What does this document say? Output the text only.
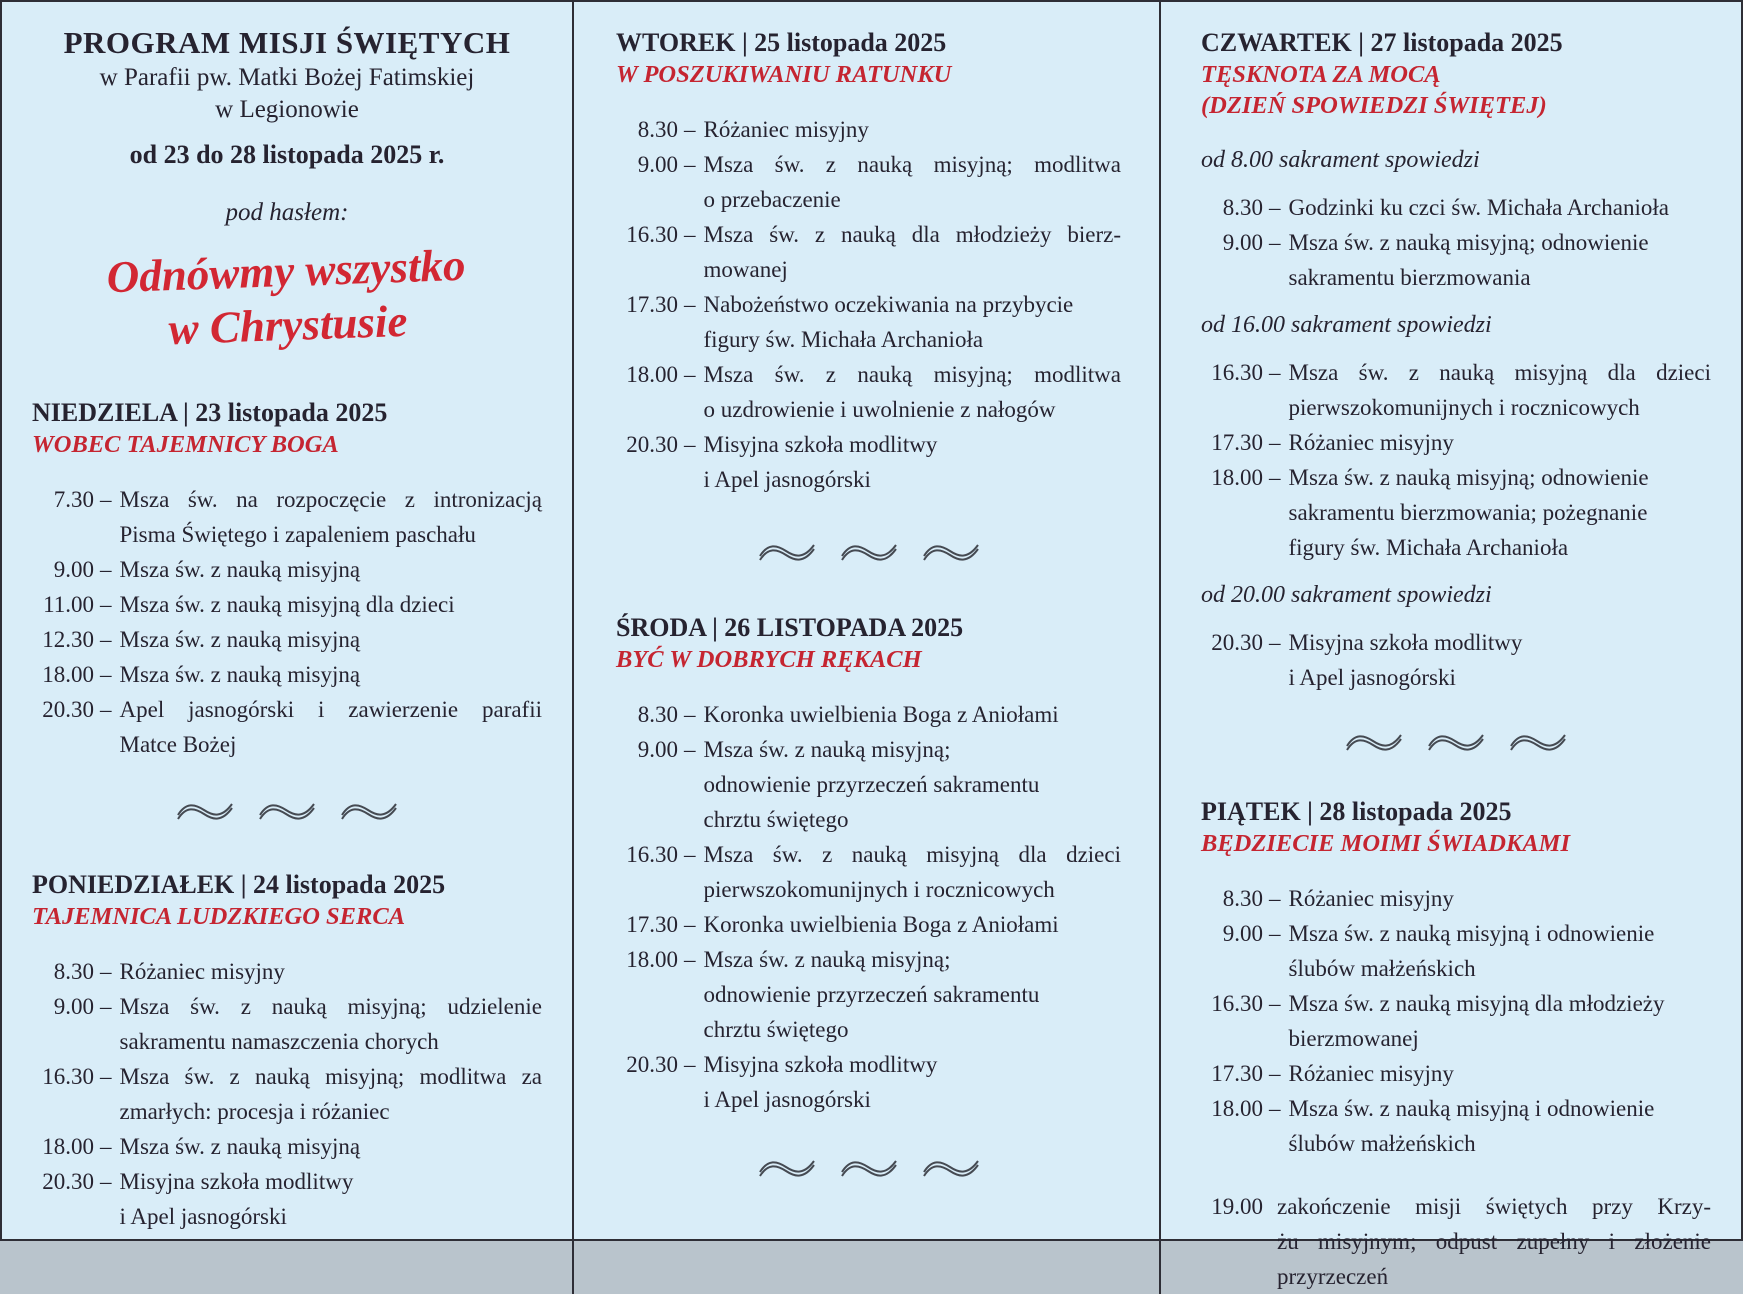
PROGRAM MISJI ŚWIĘTYCH
w Parafii pw. Matki Bożej Fatimskiej
w Legionowie
od 23 do 28 listopada 2025 r.
pod hasłem:
Odnówmy wszystko
w Chrystusie
NIEDZIELA | 23 listopada 2025
WOBEC TAJEMNICY BOGA
7.30 – Msza św. na rozpoczęcie z intronizacją
Pisma Świętego i zapaleniem paschału
9.00 – Msza św. z nauką misyjną
11.00 – Msza św. z nauką misyjną dla dzieci
12.30 – Msza św. z nauką misyjną
18.00 – Msza św. z nauką misyjną
20.30 – Apel jasnogórski i zawierzenie parafii
Matce Bożej
PONIEDZIAŁEK | 24 listopada 2025
TAJEMNICA LUDZKIEGO SERCA
8.30 – Różaniec misyjny
9.00 – Msza św. z nauką misyjną; udzielenie
sakramentu namaszczenia chorych
16.30 – Msza św. z nauką misyjną; modlitwa za
zmarłych: procesja i różaniec
18.00 – Msza św. z nauką misyjną
20.30 – Misyjna szkoła modlitwy
i Apel jasnogórski
WTOREK | 25 listopada 2025
W POSZUKIWANIU RATUNKU
8.30 – Różaniec misyjny
9.00 – Msza św. z nauką misyjną; modlitwa
o przebaczenie
16.30 – Msza św. z nauką dla młodzieży bierz-
mowanej
17.30 – Nabożeństwo oczekiwania na przybycie
figury św. Michała Archanioła
18.00 – Msza św. z nauką misyjną; modlitwa
o uzdrowienie i uwolnienie z nałogów
20.30 – Misyjna szkoła modlitwy
i Apel jasnogórski
ŚRODA | 26 LISTOPADA 2025
BYĆ W DOBRYCH RĘKACH
8.30 – Koronka uwielbienia Boga z Aniołami
9.00 – Msza św. z nauką misyjną;
odnowienie przyrzeczeń sakramentu
chrztu świętego
16.30 – Msza św. z nauką misyjną dla dzieci
pierwszokomunijnych i rocznicowych
17.30 – Koronka uwielbienia Boga z Aniołami
18.00 – Msza św. z nauką misyjną;
odnowienie przyrzeczeń sakramentu
chrztu świętego
20.30 – Misyjna szkoła modlitwy
i Apel jasnogórski
CZWARTEK | 27 listopada 2025
TĘSKNOTA ZA MOCĄ
(DZIEŃ SPOWIEDZI ŚWIĘTEJ)
od 8.00 sakrament spowiedzi
8.30 – Godzinki ku czci św. Michała Archanioła
9.00 – Msza św. z nauką misyjną; odnowienie
sakramentu bierzmowania
od 16.00 sakrament spowiedzi
16.30 – Msza św. z nauką misyjną dla dzieci
pierwszokomunijnych i rocznicowych
17.30 – Różaniec misyjny
18.00 – Msza św. z nauką misyjną; odnowienie
sakramentu bierzmowania; pożegnanie
figury św. Michała Archanioła
od 20.00 sakrament spowiedzi
20.30 – Misyjna szkoła modlitwy
i Apel jasnogórski
PIĄTEK | 28 listopada 2025
BĘDZIECIE MOIMI ŚWIADKAMI
8.30 – Różaniec misyjny
9.00 – Msza św. z nauką misyjną i odnowienie
ślubów małżeńskich
16.30 – Msza św. z nauką misyjną dla młodzieży
bierzmowanej
17.30 – Różaniec misyjny
18.00 – Msza św. z nauką misyjną i odnowienie
ślubów małżeńskich
19.00 zakończenie misji świętych przy Krzy-
żu misyjnym; odpust zupełny i złożenie
przyrzeczeń
